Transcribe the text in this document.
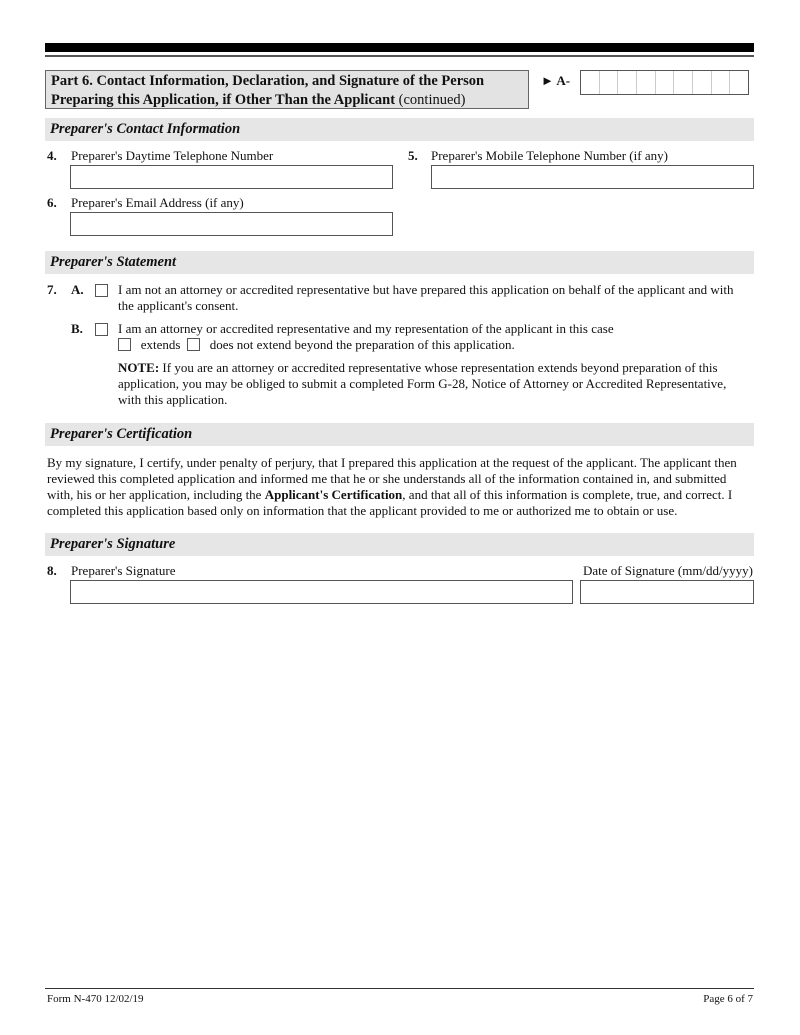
Part 6. Contact Information, Declaration, and Signature of the Person Preparing this Application, if Other Than the Applicant (continued)
► A-
Preparer's Contact Information
4. Preparer's Daytime Telephone Number	5. Preparer's Mobile Telephone Number (if any)
6. Preparer's Email Address (if any)
Preparer's Statement
7. A.	I am not an attorney or accredited representative but have prepared this application on behalf of the applicant and with the applicant's consent.
B.	I am an attorney or accredited representative and my representation of the applicant in this case
extends does not extend beyond the preparation of this application.
NOTE: If you are an attorney or accredited representative whose representation extends beyond preparation of this application, you may be obliged to submit a completed Form G-28, Notice of Attorney or Accredited Representative, with this application.
Preparer's Certification
By my signature, I certify, under penalty of perjury, that I prepared this application at the request of the applicant. The applicant then reviewed this completed application and informed me that he or she understands all of the information contained in, and submitted with, his or her application, including the Applicant's Certification, and that all of this information is complete, true, and correct. I completed this application based only on information that the applicant provided to me or authorized me to obtain or use.
Preparer's Signature
8. Preparer's Signature	Date of Signature (mm/dd/yyyy)
Form N-470 12/02/19	Page 6 of 7
